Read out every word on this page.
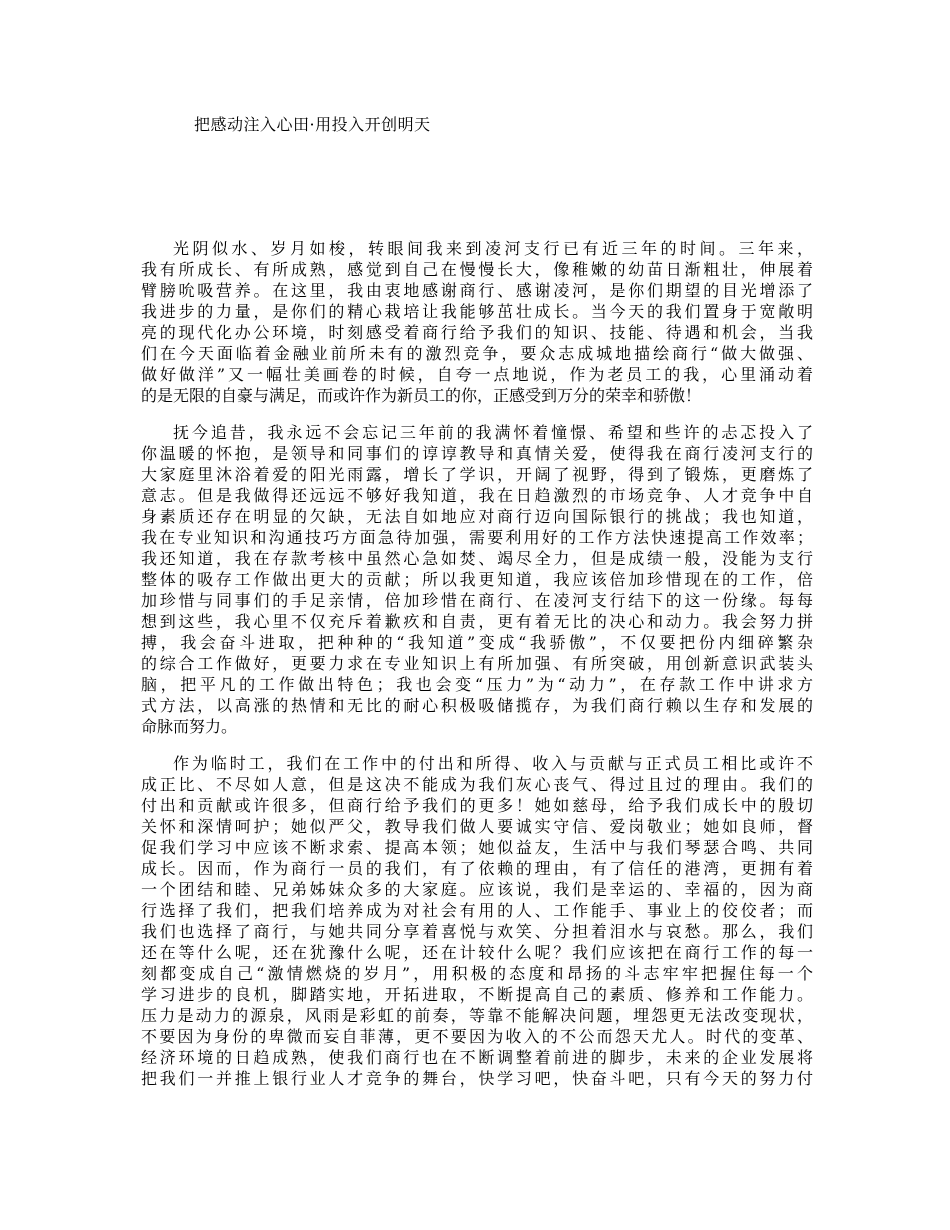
把感动注入心田·用投入开创明天
光阴似水、岁月如梭，转眼间我来到凌河支行已有近三年的时间。三年来，
我有所成长、有所成熟，感觉到自己在慢慢长大，像稚嫩的幼苗日渐粗壮，伸展着
臂膀吮吸营养。在这里，我由衷地感谢商行、感谢凌河，是你们期望的目光增添了
我进步的力量，是你们的精心栽培让我能够茁壮成长。当今天的我们置身于宽敞明
亮的现代化办公环境，时刻感受着商行给予我们的知识、技能、待遇和机会，当我
们在今天面临着金融业前所未有的激烈竞争，要众志成城地描绘商行“做大做强、
做好做洋”又一幅壮美画卷的时候，自夸一点地说，作为老员工的我，心里涌动着
的是无限的自豪与满足，而或许作为新员工的你，正感受到万分的荣幸和骄傲！
抚今追昔，我永远不会忘记三年前的我满怀着憧憬、希望和些许的忐忑投入了
你温暖的怀抱，是领导和同事们的谆谆教导和真情关爱，使得我在商行凌河支行的
大家庭里沐浴着爱的阳光雨露，增长了学识，开阔了视野，得到了锻炼，更磨炼了
意志。但是我做得还远远不够好我知道，我在日趋激烈的市场竞争、人才竞争中自
身素质还存在明显的欠缺，无法自如地应对商行迈向国际银行的挑战；我也知道，
我在专业知识和沟通技巧方面急待加强，需要利用好的工作方法快速提高工作效率；
我还知道，我在存款考核中虽然心急如焚、竭尽全力，但是成绩一般，没能为支行
整体的吸存工作做出更大的贡献；所以我更知道，我应该倍加珍惜现在的工作，倍
加珍惜与同事们的手足亲情，倍加珍惜在商行、在凌河支行结下的这一份缘。每每
想到这些，我心里不仅充斥着歉疚和自责，更有着无比的决心和动力。我会努力拼
搏，我会奋斗进取，把种种的“我知道”变成“我骄傲”，不仅要把份内细碎繁杂
的综合工作做好，更要力求在专业知识上有所加强、有所突破，用创新意识武装头
脑，把平凡的工作做出特色；我也会变“压力”为“动力”，在存款工作中讲求方
式方法，以高涨的热情和无比的耐心积极吸储揽存，为我们商行赖以生存和发展的
命脉而努力。
作为临时工，我们在工作中的付出和所得、收入与贡献与正式员工相比或许不
成正比、不尽如人意，但是这决不能成为我们灰心丧气、得过且过的理由。我们的
付出和贡献或许很多，但商行给予我们的更多！她如慈母，给予我们成长中的殷切
关怀和深情呵护；她似严父，教导我们做人要诚实守信、爱岗敬业；她如良师，督
促我们学习中应该不断求索、提高本领；她似益友，生活中与我们琴瑟合鸣、共同
成长。因而，作为商行一员的我们，有了依赖的理由，有了信任的港湾，更拥有着
一个团结和睦、兄弟姊妹众多的大家庭。应该说，我们是幸运的、幸福的，因为商
行选择了我们，把我们培养成为对社会有用的人、工作能手、事业上的佼佼者；而
我们也选择了商行，与她共同分享着喜悦与欢笑、分担着泪水与哀愁。那么，我们
还在等什么呢，还在犹豫什么呢，还在计较什么呢？我们应该把在商行工作的每一
刻都变成自己“激情燃烧的岁月”，用积极的态度和昂扬的斗志牢牢把握住每一个
学习进步的良机，脚踏实地，开拓进取，不断提高自己的素质、修养和工作能力。
压力是动力的源泉，风雨是彩虹的前奏，等靠不能解决问题，埋怨更无法改变现状，
不要因为身份的卑微而妄自菲薄，更不要因为收入的不公而怨天尤人。时代的变革、
经济环境的日趋成熟，使我们商行也在不断调整着前进的脚步，未来的企业发展将
把我们一并推上银行业人才竞争的舞台，快学习吧，快奋斗吧，只有今天的努力付
